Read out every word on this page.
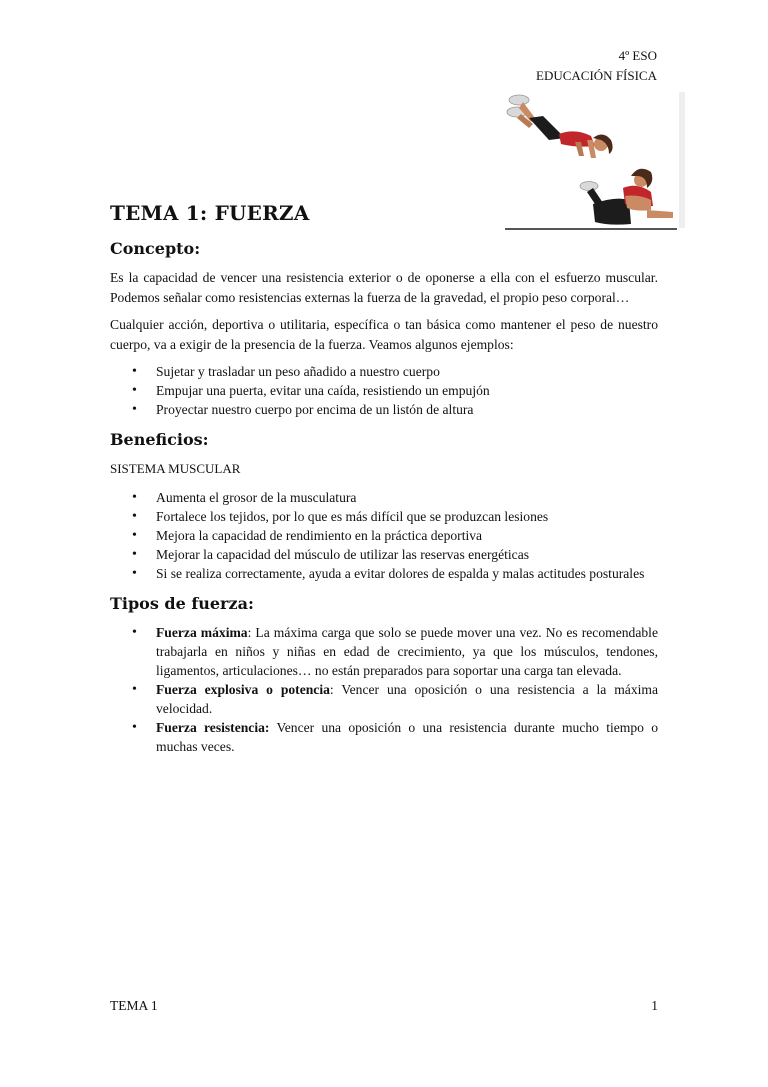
4º ESO
EDUCACIÓN FÍSICA
TEMA 1: FUERZA
Concepto:

Es la capacidad de vencer una resistencia exterior o de oponerse a ella con el esfuerzo muscular. Podemos señalar como resistencias externas la fuerza de la gravedad, el propio peso corporal…

Cualquier acción, deportiva o utilitaria, específica o tan básica como mantener el peso de nuestro cuerpo, va a exigir de la presencia de la fuerza. Veamos algunos ejemplos:

• Sujetar y trasladar un peso añadido a nuestro cuerpo
• Empujar una puerta, evitar una caída, resistiendo un empujón
• Proyectar nuestro cuerpo por encima de un listón de altura
Beneficios:
SISTEMA MUSCULAR
• Aumenta el grosor de la musculatura
• Fortalece los tejidos, por lo que es más difícil que se produzcan lesiones
• Mejora la capacidad de rendimiento en la práctica deportiva
• Mejorar la capacidad del músculo de utilizar las reservas energéticas
• Si se realiza correctamente, ayuda a evitar dolores de espalda y malas actitudes posturales
Tipos de fuerza:
• Fuerza máxima: La máxima carga que solo se puede mover una vez. No es recomendable trabajarla en niños y niñas en edad de crecimiento, ya que los músculos, tendones, ligamentos, articulaciones… no están preparados para soportar una carga tan elevada.
• Fuerza explosiva o potencia: Vencer una oposición o una resistencia a la máxima velocidad.
• Fuerza resistencia: Vencer una oposición o una resistencia durante mucho tiempo o muchas veces.
TEMA 1	1
